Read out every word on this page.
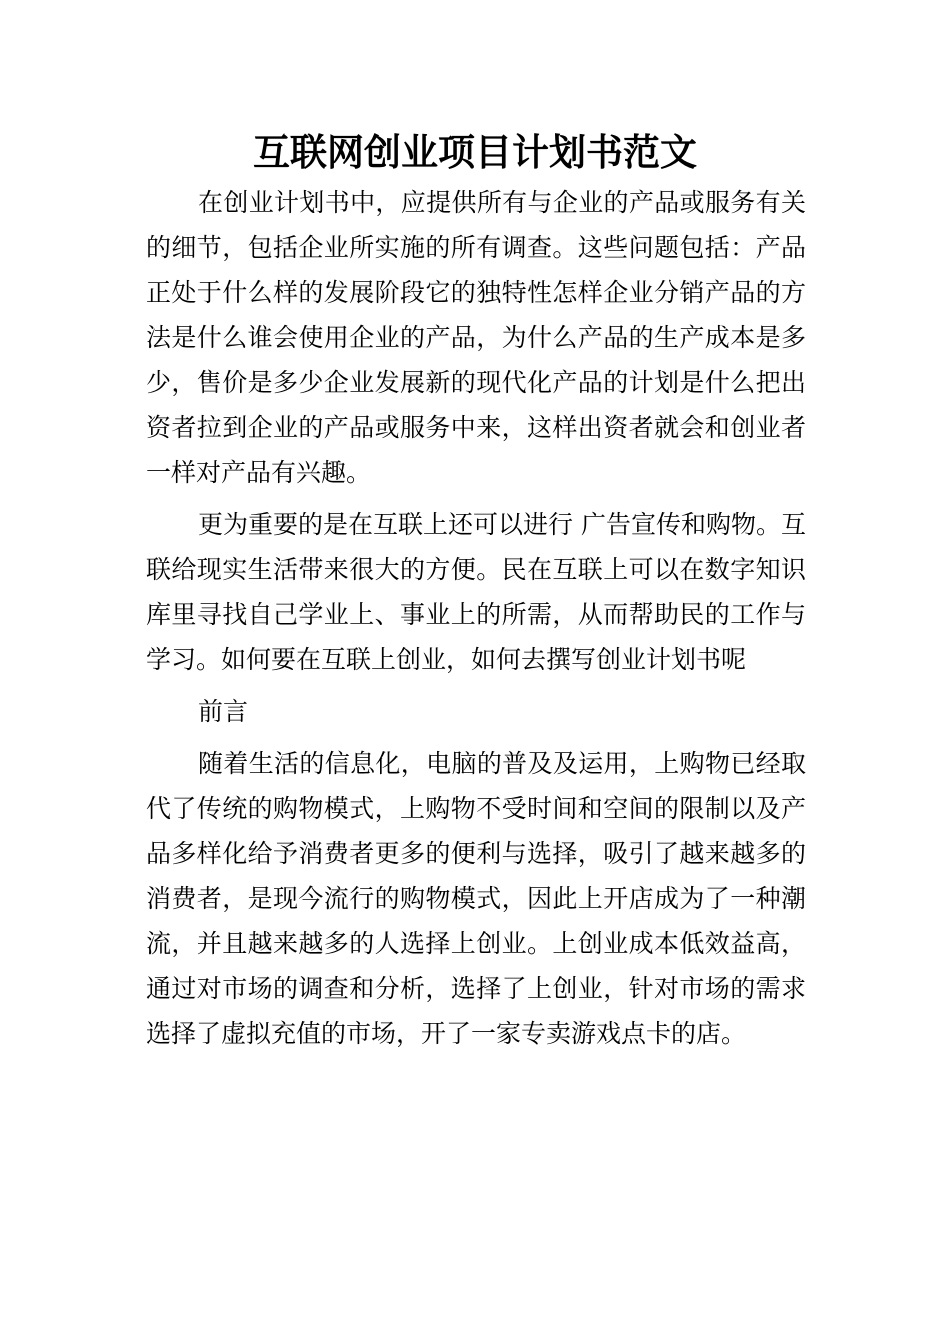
互联网创业项目计划书范文

在创业计划书中，应提供所有与企业的产品或服务有关的细节，包括企业所实施的所有调查。这些问题包括：产品正处于什么样的发展阶段它的独特性怎样企业分销产品的方法是什么谁会使用企业的产品，为什么产品的生产成本是多少，售价是多少企业发展新的现代化产品的计划是什么把出资者拉到企业的产品或服务中来，这样出资者就会和创业者一样对产品有兴趣。

更为重要的是在互联上还可以进行 广告宣传和购物。互联给现实生活带来很大的方便。民在互联上可以在数字知识库里寻找自己学业上、事业上的所需，从而帮助民的工作与学习。如何要在互联上创业，如何去撰写创业计划书呢

前言

随着生活的信息化，电脑的普及及运用，上购物已经取代了传统的购物模式，上购物不受时间和空间的限制以及产品多样化给予消费者更多的便利与选择，吸引了越来越多的消费者，是现今流行的购物模式，因此上开店成为了一种潮流，并且越来越多的人选择上创业。上创业成本低效益高，通过对市场的调查和分析，选择了上创业，针对市场的需求选择了虚拟充值的市场，开了一家专卖游戏点卡的店。
